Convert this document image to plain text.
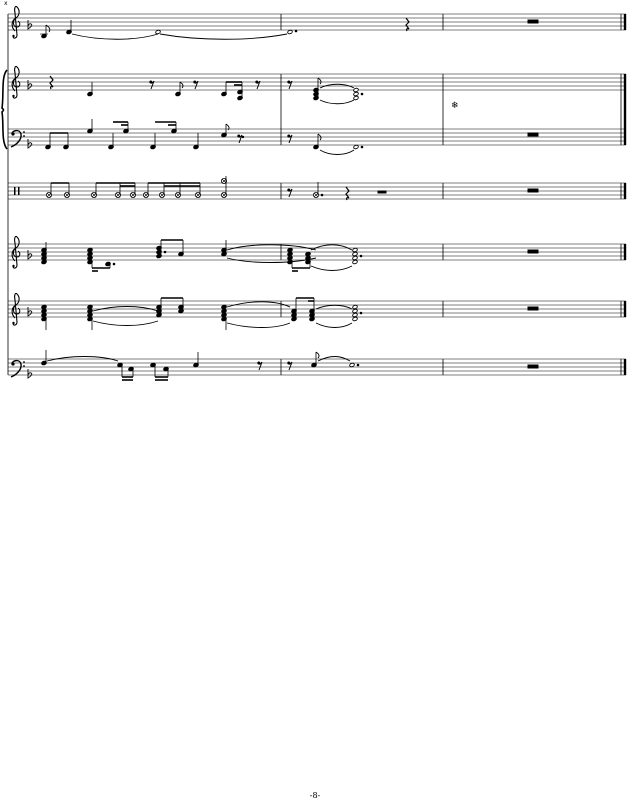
x
❄
-8-
